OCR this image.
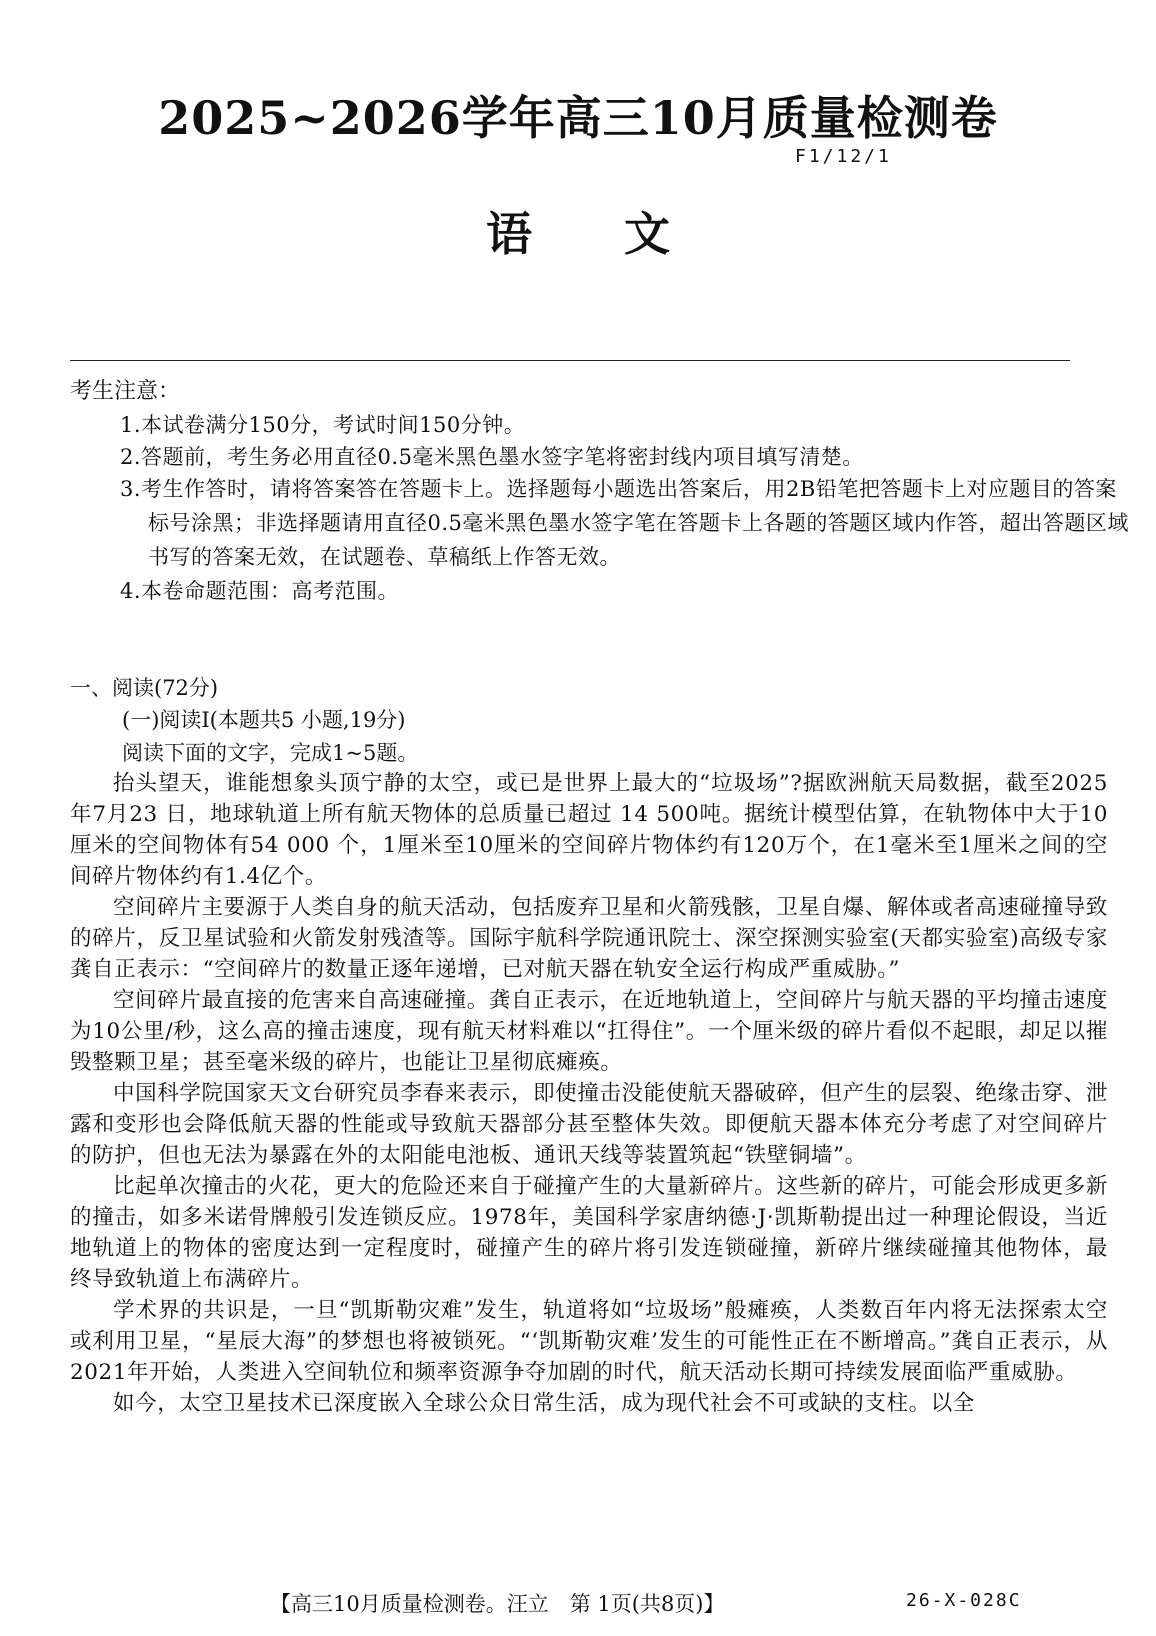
2025~2026学年高三10月质量检测卷
F1/12/1
语文
考生注意：
1.本试卷满分150分，考试时间150分钟。
2.答题前，考生务必用直径0.5毫米黑色墨水签字笔将密封线内项目填写清楚。
3.考生作答时，请将答案答在答题卡上。选择题每小题选出答案后，用2B铅笔把答题卡上对应题目的答案标号涂黑；非选择题请用直径0.5毫米黑色墨水签字笔在答题卡上各题的答题区域内作答，超出答题区域书写的答案无效，在试题卷、草稿纸上作答无效。
4.本卷命题范围：高考范围。
一、阅读(72分)
(一)阅读Ⅰ(本题共5 小题,19分)
阅读下面的文字，完成1~5题。

抬头望天，谁能想象头顶宁静的太空，或已是世界上最大的“垃圾场”?据欧洲航天局数据，截至2025年7月23 日，地球轨道上所有航天物体的总质量已超过 14 500吨。据统计模型估算，在轨物体中大于10厘米的空间物体有54 000 个，1厘米至10厘米的空间碎片物体约有120万个，在1毫米至1厘米之间的空间碎片物体约有1.4亿个。

空间碎片主要源于人类自身的航天活动，包括废弃卫星和火箭残骸，卫星自爆、解体或者高速碰撞导致的碎片，反卫星试验和火箭发射残渣等。国际宇航科学院通讯院士、深空探测实验室(天都实验室)高级专家龚自正表示：“空间碎片的数量正逐年递增，已对航天器在轨安全运行构成严重威胁。”

空间碎片最直接的危害来自高速碰撞。龚自正表示，在近地轨道上，空间碎片与航天器的平均撞击速度为10公里/秒，这么高的撞击速度，现有航天材料难以“扛得住”。一个厘米级的碎片看似不起眼，却足以摧毁整颗卫星；甚至毫米级的碎片，也能让卫星彻底瘫痪。

中国科学院国家天文台研究员李春来表示，即使撞击没能使航天器破碎，但产生的层裂、绝缘击穿、泄露和变形也会降低航天器的性能或导致航天器部分甚至整体失效。即便航天器本体充分考虑了对空间碎片的防护，但也无法为暴露在外的太阳能电池板、通讯天线等装置筑起“铁壁铜墙”。

比起单次撞击的火花，更大的危险还来自于碰撞产生的大量新碎片。这些新的碎片，可能会形成更多新的撞击，如多米诺骨牌般引发连锁反应。1978年，美国科学家唐纳德·J·凯斯勒提出过一种理论假设，当近地轨道上的物体的密度达到一定程度时，碰撞产生的碎片将引发连锁碰撞，新碎片继续碰撞其他物体，最终导致轨道上布满碎片。

学术界的共识是，一旦“凯斯勒灾难”发生，轨道将如“垃圾场”般瘫痪，人类数百年内将无法探索太空或利用卫星，“星辰大海”的梦想也将被锁死。“‘凯斯勒灾难’发生的可能性正在不断增高。”龚自正表示，从2021年开始，人类进入空间轨位和频率资源争夺加剧的时代，航天活动长期可持续发展面临严重威胁。

如今，太空卫星技术已深度嵌入全球公众日常生活，成为现代社会不可或缺的支柱。以全

【高三10月质量检测卷。汪立　第 1页(共8页)】	26-X-028C
